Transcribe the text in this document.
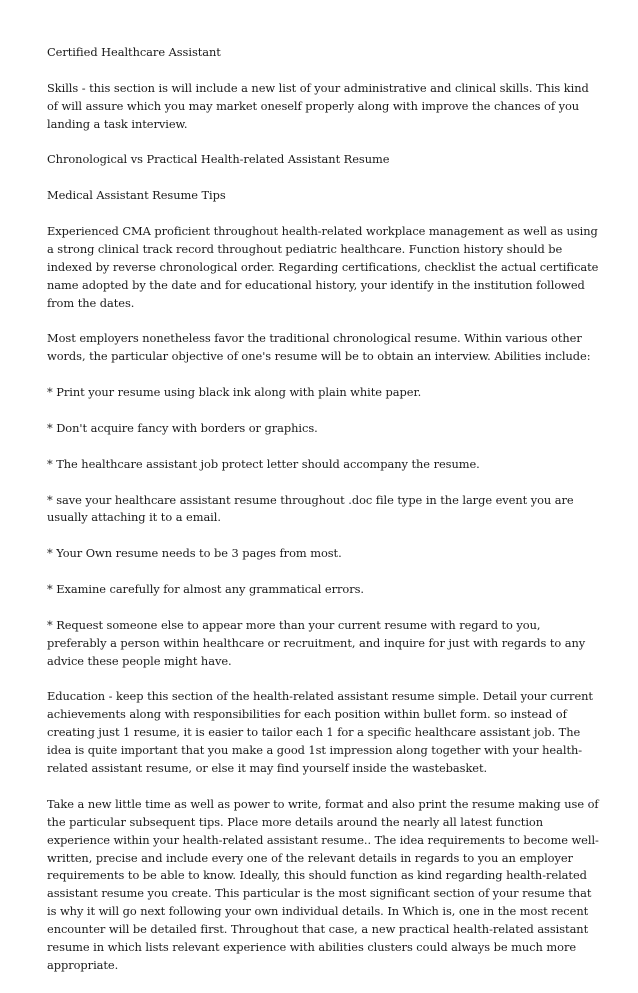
Certified Healthcare Assistant

Skills - this section is will include a new list of your administrative and clinical skills. This kind of will assure which you may market oneself properly along with improve the chances of you landing a task interview.

Chronological vs Practical Health-related Assistant Resume

Medical Assistant Resume Tips

Experienced CMA proficient throughout health-related workplace management as well as using a strong clinical track record throughout pediatric healthcare. Function history should be indexed by reverse chronological order. Regarding certifications, checklist the actual certificate name adopted by the date and for educational history, your identify in the institution followed from the dates.

Most employers nonetheless favor the traditional chronological resume. Within various other words, the particular objective of one's resume will be to obtain an interview. Abilities include:

* Print your resume using black ink along with plain white paper.

* Don't acquire fancy with borders or graphics.

* The healthcare assistant job protect letter should accompany the resume.

* save your healthcare assistant resume throughout .doc file type in the large event you are usually attaching it to a email.

* Your Own resume needs to be 3 pages from most.

* Examine carefully for almost any grammatical errors.

* Request someone else to appear more than your current resume with regard to you, preferably a person within healthcare or recruitment, and inquire for just with regards to any advice these people might have.

Education - keep this section of the health-related assistant resume simple. Detail your current achievements along with responsibilities for each position within bullet form. so instead of creating just 1 resume, it is easier to tailor each 1 for a specific healthcare assistant job. The idea is quite important that you make a good 1st impression along together with your health-related assistant resume, or else it may find yourself inside the wastebasket.

Take a new little time as well as power to write, format and also print the resume making use of the particular subsequent tips. Place more details around the nearly all latest function experience within your health-related assistant resume.. The idea requirements to become well-written, precise and include every one of the relevant details in regards to you an employer requirements to be able to know. Ideally, this should function as kind regarding health-related assistant resume you create. This particular is the most significant section of your resume that is why it will go next following your own individual details. In Which is, one in the most recent encounter will be detailed first. Throughout that case, a new practical health-related assistant resume in which lists relevant experience with abilities clusters could always be much more appropriate.
